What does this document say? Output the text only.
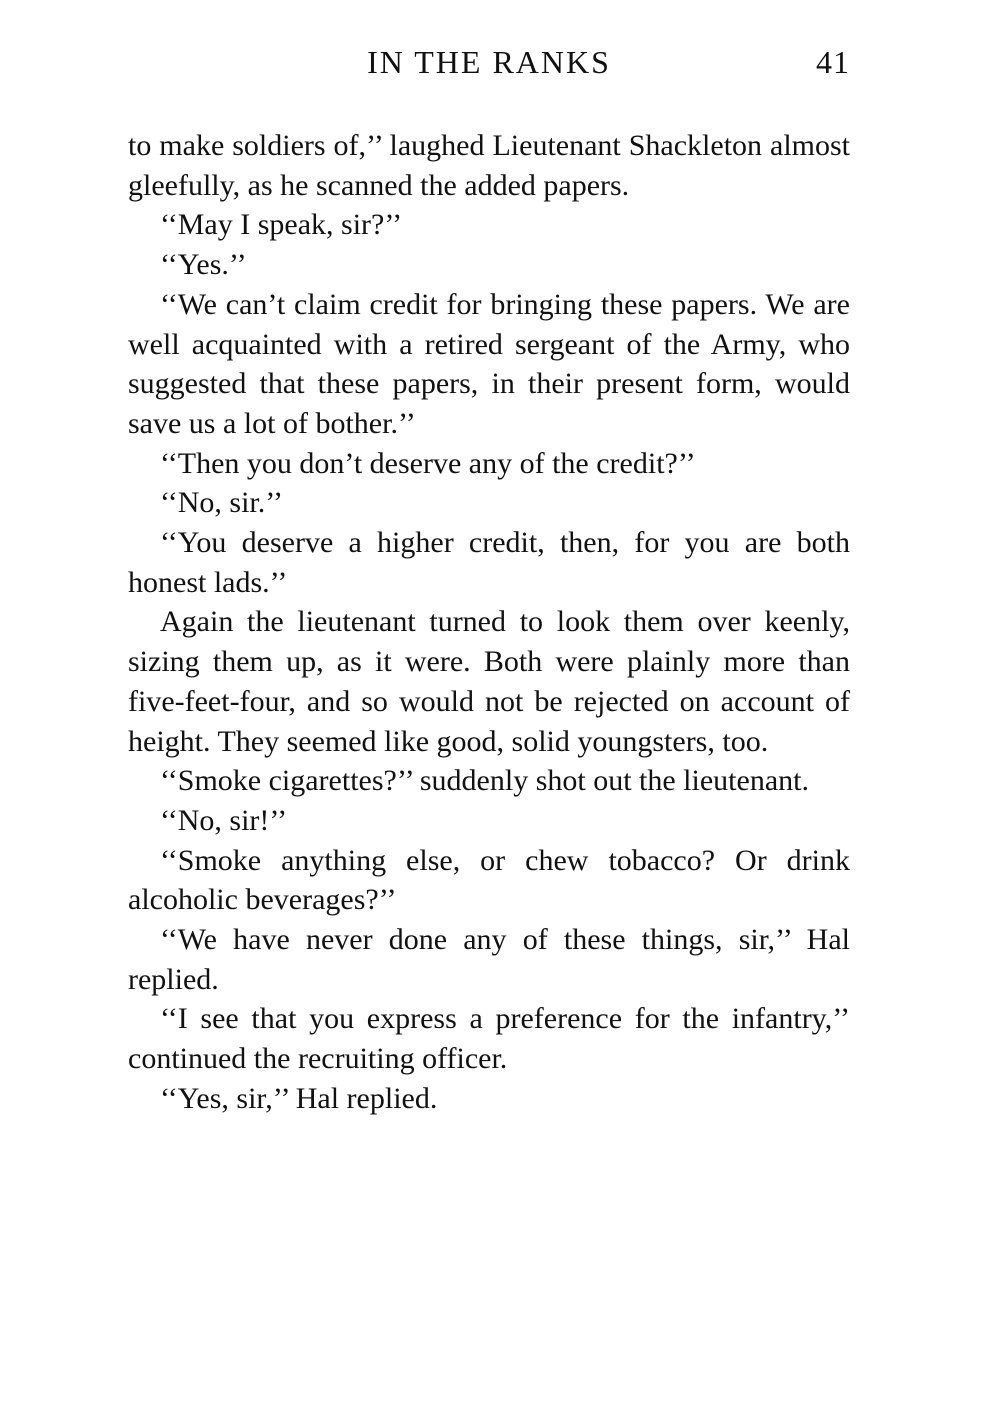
IN THE RANKS	41

to make soldiers of,’’ laughed Lieutenant Shackleton almost gleefully, as he scanned the added papers.

‘‘May I speak, sir?’’

‘‘Yes.’’

‘‘We can’t claim credit for bringing these papers. We are well acquainted with a retired sergeant of the Army, who suggested that these papers, in their present form, would save us a lot of bother.’’

‘‘Then you don’t deserve any of the credit?’’

‘‘No, sir.’’

‘‘You deserve a higher credit, then, for you are both honest lads.’’

Again the lieutenant turned to look them over keenly, sizing them up, as it were. Both were plainly more than five-feet-four, and so would not be rejected on account of height. They seemed like good, solid youngsters, too.

‘‘Smoke cigarettes?’’ suddenly shot out the lieutenant.

‘‘No, sir!’’

‘‘Smoke anything else, or chew tobacco? Or drink alcoholic beverages?’’

‘‘We have never done any of these things, sir,’’ Hal replied.

‘‘I see that you express a preference for the infantry,’’ continued the recruiting officer.

‘‘Yes, sir,’’ Hal replied.
